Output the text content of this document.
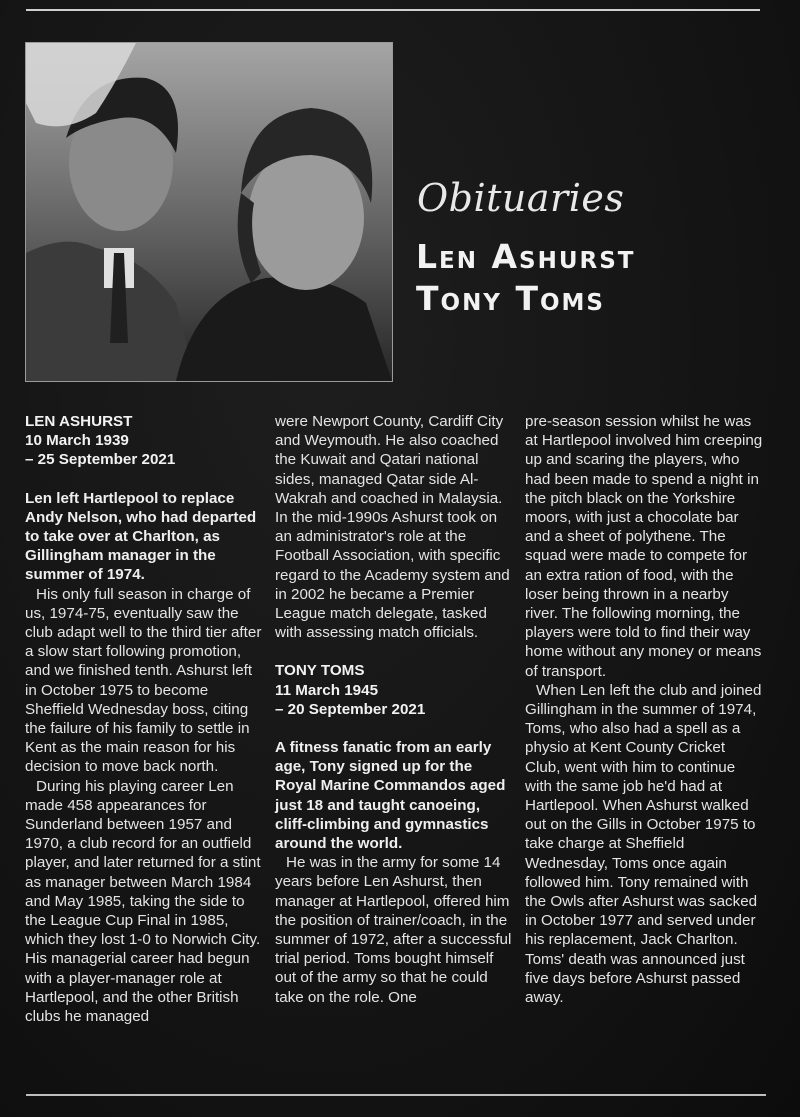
Obituaries
Len Ashurst
Tony Toms

LEN ASHURST

10 March 1939

– 25 September 2021

Len left Hartlepool to replace Andy Nelson, who had departed to take over at Charlton, as Gillingham manager in the summer of 1974.

His only full season in charge of us, 1974-75, eventually saw the club adapt well to the third tier after a slow start following promotion, and we finished tenth. Ashurst left in October 1975 to become Sheffield Wednesday boss, citing the failure of his family to settle in Kent as the main reason for his decision to move back north.

During his playing career Len made 458 appearances for Sunderland between 1957 and 1970, a club record for an outfield player, and later returned for a stint as manager between March 1984 and May 1985, taking the side to the League Cup Final in 1985, which they lost 1-0 to Norwich City. His managerial career had begun with a player-manager role at Hartlepool, and the other British clubs he managed

were Newport County, Cardiff City and Weymouth. He also coached the Kuwait and Qatari national sides, managed Qatar side Al-Wakrah and coached in Malaysia. In the mid-1990s Ashurst took on an administrator's role at the Football Association, with specific regard to the Academy system and in 2002 he became a Premier League match delegate, tasked with assessing match officials.

TONY TOMS

11 March 1945

– 20 September 2021

A fitness fanatic from an early age, Tony signed up for the Royal Marine Commandos aged just 18 and taught canoeing, cliff-climbing and gymnastics around the world.

He was in the army for some 14 years before Len Ashurst, then manager at Hartlepool, offered him the position of trainer/coach, in the summer of 1972, after a successful trial period. Toms bought himself out of the army so that he could take on the role. One

pre-season session whilst he was at Hartlepool involved him creeping up and scaring the players, who had been made to spend a night in the pitch black on the Yorkshire moors, with just a chocolate bar and a sheet of polythene. The squad were made to compete for an extra ration of food, with the loser being thrown in a nearby river. The following morning, the players were told to find their way home without any money or means of transport.

When Len left the club and joined Gillingham in the summer of 1974, Toms, who also had a spell as a physio at Kent County Cricket Club, went with him to continue with the same job he'd had at Hartlepool. When Ashurst walked out on the Gills in October 1975 to take charge at Sheffield Wednesday, Toms once again followed him. Tony remained with the Owls after Ashurst was sacked in October 1977 and served under his replacement, Jack Charlton. Toms' death was announced just five days before Ashurst passed away.
